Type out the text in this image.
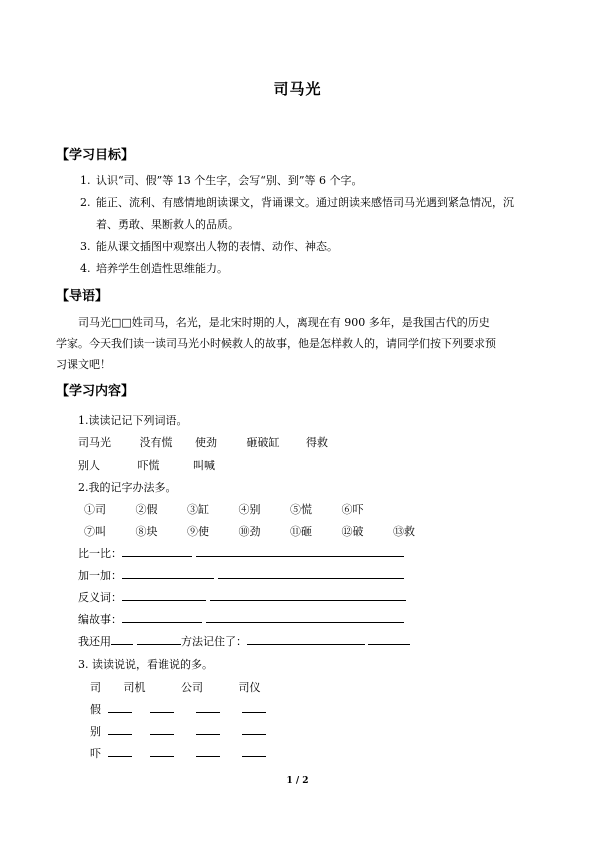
司马光
【学习目标】
1. 认识“司、假”等 13 个生字，会写“别、到”等 6 个字。
2. 能正、流利、有感情地朗读课文，背诵课文。通过朗读来感悟司马光遇到紧急情况，沉着、勇敢、果断救人的品质。
3. 能从课文插图中观察出人物的表情、动作、神态。
4. 培养学生创造性思维能力。
【导语】
司马光□□姓司马，名光，是北宋时期的人，离现在有 900 多年，是我国古代的历史学家。今天我们读一读司马光小时候救人的故事，他是怎样救人的，请同学们按下列要求预习课文吧！
【学习内容】
1.读读记记下列词语。
司马光	没有慌 使劲	砸破缸 得救
别人	吓慌	叫喊
2.我的记字办法多。
①司	②假	③缸	④别	⑤慌	⑥吓
⑦叫	⑧块	⑨使	⑩劲	⑪砸	⑫破	⑬救
比一比：
加一加：
反义词：
编故事：
我还用	方法记住了：
3. 读读说说，看谁说的多。
司 司机	公司	司仪
假
别
吓
1 / 2
